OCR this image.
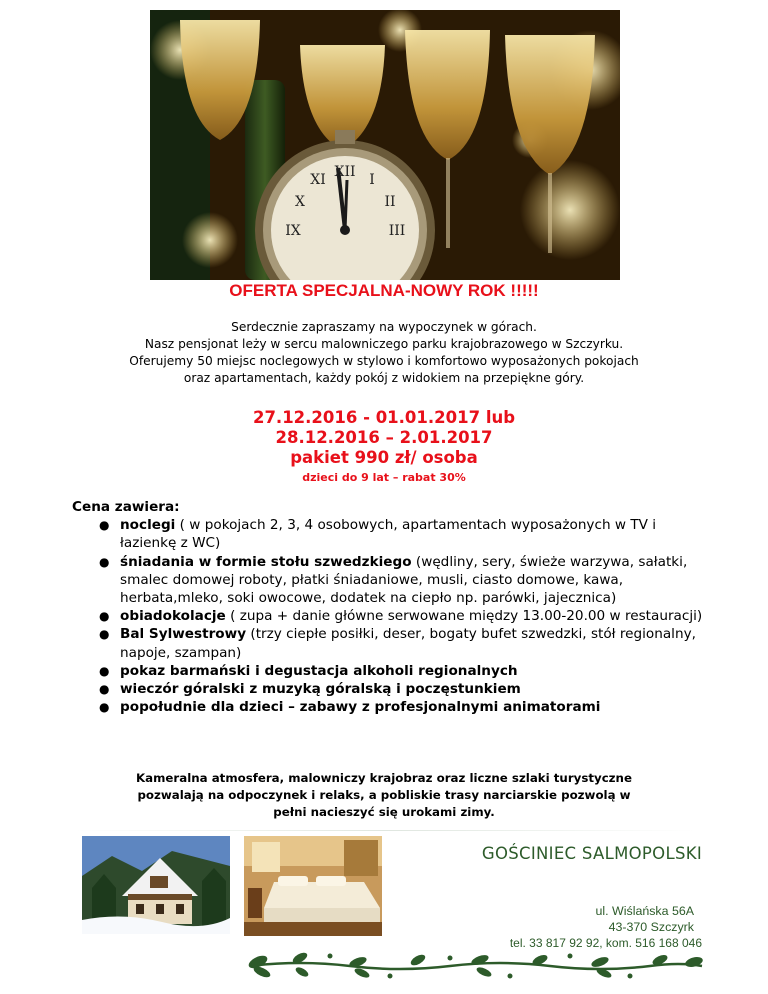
XII
III
IX
I
II
XI
X
OFERTA SPECJALNA-NOWY ROK !!!!!
Serdecznie zapraszamy na wypoczynek w górach.
Nasz pensjonat leży w sercu malowniczego parku krajobrazowego w Szczyrku.
Oferujemy 50 miejsc noclegowych w stylowo i komfortowo wyposażonych pokojach
oraz apartamentach, każdy pokój z widokiem na przepiękne góry.
27.12.2016 - 01.01.2017 lub
28.12.2016 – 2.01.2017
pakiet 990 zł/ osoba
dzieci do 9 lat – rabat 30%
Cena zawiera:
● noclegi ( w pokojach 2, 3, 4 osobowych, apartamentach wyposażonych w TV i łazienkę z WC)
● śniadania w formie stołu szwedzkiego (wędliny, sery, świeże warzywa, sałatki, smalec domowej roboty, płatki śniadaniowe, musli, ciasto domowe, kawa, herbata,mleko, soki owocowe, dodatek na ciepło np. parówki, jajecznica)
● obiadokolacje ( zupa + danie główne serwowane między 13.00-20.00 w restauracji)
● Bal Sylwestrowy (trzy ciepłe posiłki, deser, bogaty bufet szwedzki, stół regionalny, napoje, szampan)
● pokaz barmański i degustacja alkoholi regionalnych
● wieczór góralski z muzyką góralską i poczęstunkiem
● popołudnie dla dzieci – zabawy z profesjonalnymi animatorami
Kameralna atmosfera, malowniczy krajobraz oraz liczne szlaki turystyczne
pozwalają na odpoczynek i relaks, a pobliskie trasy narciarskie pozwolą w
pełni nacieszyć się urokami zimy.
GOŚCINIEC SALMOPOLSKI
ul. Wiślańska 56A
43-370 Szczyrk
tel. 33 817 92 92, kom. 516 168 046
